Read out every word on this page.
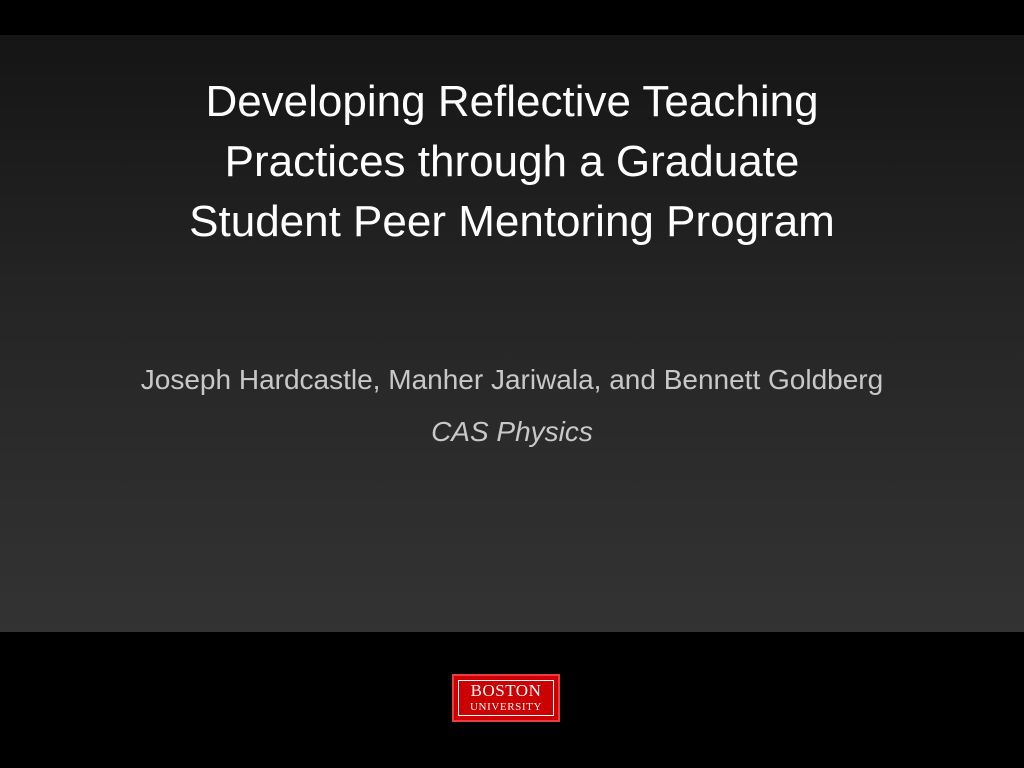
Developing Reflective Teaching
Practices through a Graduate
Student Peer Mentoring Program

Joseph Hardcastle, Manher Jariwala, and Bennett Goldberg

CAS Physics

BOSTON
UNIVERSITY
